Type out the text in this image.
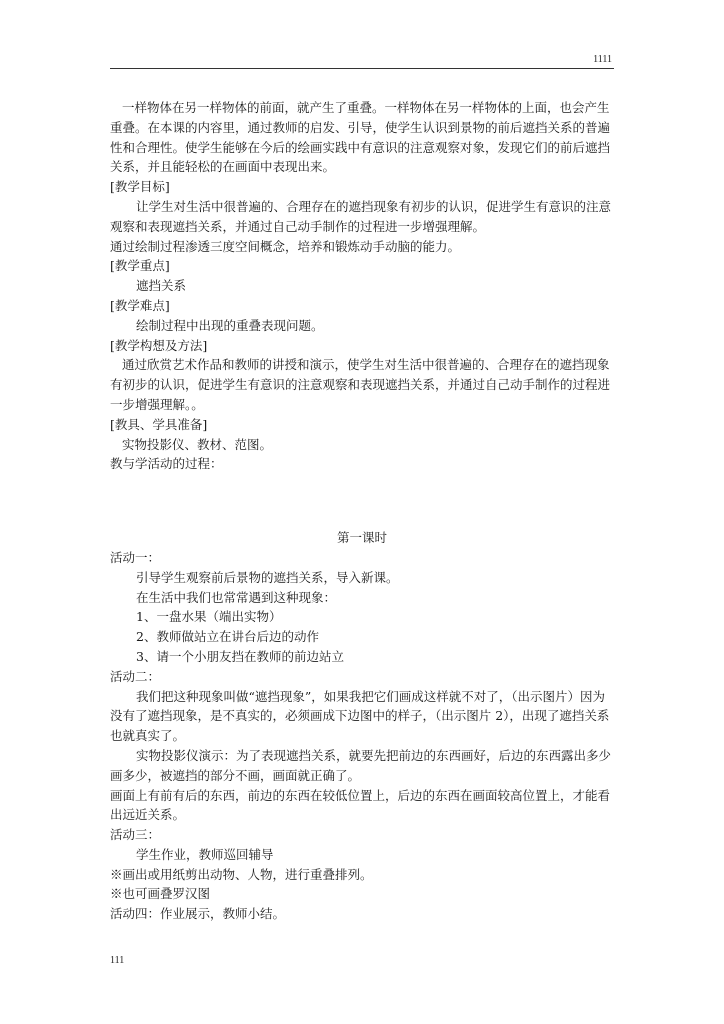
1111

一样物体在另一样物体的前面，就产生了重叠。一样物体在另一样物体的上面，也会产生重叠。在本课的内容里，通过教师的启发、引导，使学生认识到景物的前后遮挡关系的普遍性和合理性。使学生能够在今后的绘画实践中有意识的注意观察对象，发现它们的前后遮挡关系，并且能轻松的在画面中表现出来。

[教学目标]

让学生对生活中很普遍的、合理存在的遮挡现象有初步的认识，促进学生有意识的注意观察和表现遮挡关系，并通过自己动手制作的过程进一步增强理解。

通过绘制过程渗透三度空间概念，培养和锻炼动手动脑的能力。

[教学重点]

遮挡关系

[教学难点]

绘制过程中出现的重叠表现问题。

[教学构想及方法]

通过欣赏艺术作品和教师的讲授和演示，使学生对生活中很普遍的、合理存在的遮挡现象有初步的认识，促进学生有意识的注意观察和表现遮挡关系，并通过自己动手制作的过程进一步增强理解。。

[教具、学具准备]

实物投影仪、教材、范图。

教与学活动的过程：

第一课时

活动一：

引导学生观察前后景物的遮挡关系，导入新课。

在生活中我们也常常遇到这种现象：

1、一盘水果（端出实物）

2、教师做站立在讲台后边的动作

3、请一个小朋友挡在教师的前边站立

活动二：

我们把这种现象叫做“遮挡现象”，如果我把它们画成这样就不对了，（出示图片）因为没有了遮挡现象，是不真实的，必须画成下边图中的样子，（出示图片 2），出现了遮挡关系也就真实了。

实物投影仪演示：为了表现遮挡关系，就要先把前边的东西画好，后边的东西露出多少画多少，被遮挡的部分不画，画面就正确了。

画面上有前有后的东西，前边的东西在较低位置上，后边的东西在画面较高位置上，才能看出远近关系。

活动三：

学生作业，教师巡回辅导

※画出或用纸剪出动物、人物，进行重叠排列。

※也可画叠罗汉图

活动四：作业展示，教师小结。

111
